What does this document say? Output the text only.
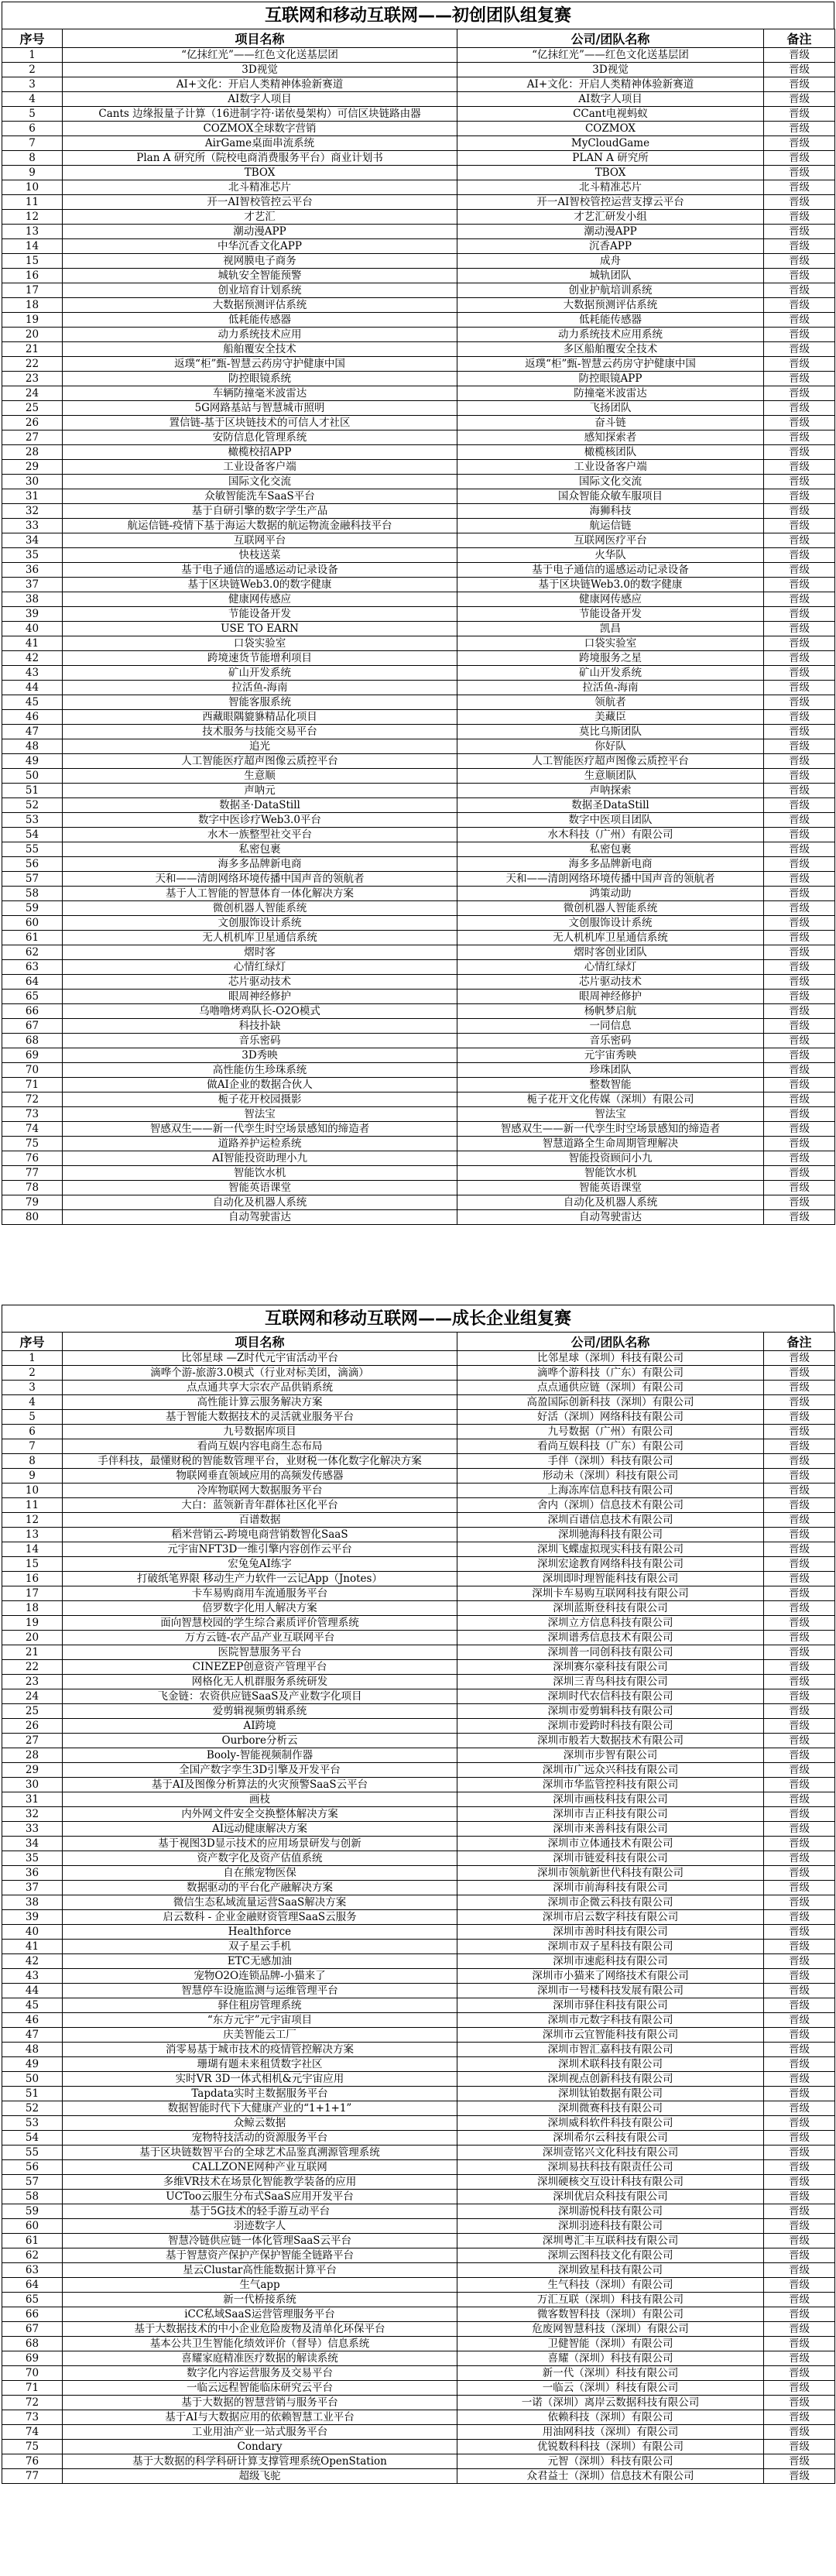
互联网和移动互联网——初创团队组复赛
序号	项目名称	公司/团队名称	备注
1	“亿抹红光”——红色文化送基层团	“亿抹红光”——红色文化送基层团	晋级
2	3D视觉	3D视觉	晋级
3	AI+文化：开启人类精神体验新赛道	AI+文化：开启人类精神体验新赛道	晋级
4	AI数字人项目	AI数字人项目	晋级
5	Cants 边缘报量子计算（16进制字符·诺依曼架构）可信区块链路由器	CCant电视蚂蚁	晋级
6	COZMOX全球数字营销	COZMOX	晋级
7	AirGame桌面串流系统	MyCloudGame	晋级
8	Plan A 研究所（院校电商消费服务平台）商业计划书	PLAN A 研究所	晋级
9	TBOX	TBOX	晋级
10	北斗精准芯片	北斗精准芯片	晋级
11	开一AI智校管控云平台	开一AI智校管控运营支撑云平台	晋级
12	才艺汇	才艺汇研发小组	晋级
13	潮动漫APP	潮动漫APP	晋级
14	中华沉香文化APP	沉香APP	晋级
15	视网膜电子商务	成舟	晋级
16	城轨安全智能预警	城轨团队	晋级
17	创业培育计划系统	创业护航培训系统	晋级
18	大数据预测评估系统	大数据预测评估系统	晋级
19	低耗能传感器	低耗能传感器	晋级
20	动力系统技术应用	动力系统技术应用系统	晋级
21	船舶覆安全技术	多区船舶覆安全技术	晋级
22	返璞“柜”甄-智慧云药房守护健康中国	返璞“柜”甄-智慧云药房守护健康中国	晋级
23	防控眼镜系统	防控眼镜APP	晋级
24	车辆防撞毫米波雷达	防撞毫米波雷达	晋级
25	5G网路基站与智慧城市照明	飞扬团队	晋级
26	置信链-基于区块链技术的可信人才社区	奋斗链	晋级
27	安防信息化管理系统	感知探索者	晋级
28	橄榄校招APP	橄榄核团队	晋级
29	工业设备客户端	工业设备客户端	晋级
30	国际文化交流	国际文化交流	晋级
31	众敏智能洗车SaaS平台	国众智能众敏车服项目	晋级
32	基于自研引擎的数字学生产品	海狮科技	晋级
33	航运信链-疫情下基于海运大数据的航运物流金融科技平台	航运信链	晋级
34	互联网平台	互联网医疗平台	晋级
35	快枝送菜	火华队	晋级
36	基于电子通信的遥感运动记录设备	基于电子通信的遥感运动记录设备	晋级
37	基于区块链Web3.0的数字健康	基于区块链Web3.0的数字健康	晋级
38	健康网传感应	健康网传感应	晋级
39	节能设备开发	节能设备开发	晋级
40	USE TO EARN	凯昌	晋级
41	口袋实验室	口袋实验室	晋级
42	跨境速货节能增利项目	跨境服务之星	晋级
43	矿山开发系统	矿山开发系统	晋级
44	拉活鱼-海南	拉活鱼-海南	晋级
45	智能客服系统	领航者	晋级
46	西藏眼隅貔貅精品化项目	美藏臣	晋级
47	技术服务与技能交易平台	莫比乌斯团队	晋级
48	追光	你好队	晋级
49	人工智能医疗超声图像云质控平台	人工智能医疗超声图像云质控平台	晋级
50	生意顺	生意顺团队	晋级
51	声呐元	声呐探索	晋级
52	数据圣·DataStill	数据圣DataStill	晋级
53	数字中医诊疗Web3.0平台	数字中医项目团队	晋级
54	水木一族整型社交平台	水木科技（广州）有限公司	晋级
55	私密包裹	私密包裹	晋级
56	海多多品牌新电商	海多多品牌新电商	晋级
57	天和——清朗网络环境传播中国声音的领航者	天和——清朗网络环境传播中国声音的领航者	晋级
58	基于人工智能的智慧体育一体化解决方案	鸿策动助	晋级
59	微创机器人智能系统	微创机器人智能系统	晋级
60	文创服饰设计系统	文创服饰设计系统	晋级
61	无人机机库卫星通信系统	无人机机库卫星通信系统	晋级
62	熠时客	熠时客创业团队	晋级
63	心情红绿灯	心情红绿灯	晋级
64	芯片驱动技术	芯片驱动技术	晋级
65	眼周神经修护	眼周神经修护	晋级
66	乌噜噜烤鸡队长-O2O模式	杨帆梦启航	晋级
67	科技扑缺	一同信息	晋级
68	音乐密码	音乐密码	晋级
69	3D秀映	元宇宙秀映	晋级
70	高性能仿生珍珠系统	珍珠团队	晋级
71	做AI企业的数据合伙人	整数智能	晋级
72	栀子花开校园摄影	栀子花开文化传媒（深圳）有限公司	晋级
73	智法宝	智法宝	晋级
74	智感双生——新一代孪生时空场景感知的缔造者	智感双生——新一代孪生时空场景感知的缔造者	晋级
75	道路养护运检系统	智慧道路全生命周期管理解决	晋级
76	AI智能投资助理小九	智能投资顾问小九	晋级
77	智能饮水机	智能饮水机	晋级
78	智能英语课堂	智能英语课堂	晋级
79	自动化及机器人系统	自动化及机器人系统	晋级
80	自动驾驶雷达	自动驾驶雷达	晋级
互联网和移动互联网——成长企业组复赛
序号	项目名称	公司/团队名称	备注
1	比邻星球 —Z时代元宇宙活动平台	比邻星球（深圳）科技有限公司	晋级
2	滴哗个游-旅游3.0模式（行业对标美团，滴滴）	滴哗个游科技（广东）有限公司	晋级
3	点点通共享大宗农产品供销系统	点点通供应链（深圳）有限公司	晋级
4	高性能计算云服务解决方案	高盈国际创新科技（深圳）有限公司	晋级
5	基于智能大数据技术的灵活就业服务平台	好活（深圳）网络科技有限公司	晋级
6	九号数据库项目	九号数据（广州）有限公司	晋级
7	看尚互娱内容电商生态布局	看尚互娱科技（广东）有限公司	晋级
8	手伴科技，最懂财税的智能数管理平台，业财税一体化数字化解决方案	手伴（深圳）科技有限公司	晋级
9	物联网垂直领域应用的高频发传感器	形动未（深圳）科技有限公司	晋级
10	冷库物联网大数据服务平台	上海冻库信息科技有限公司	晋级
11	大白：蓝领新青年群体社区化平台	舍内（深圳）信息技术有限公司	晋级
12	百谱数据	深圳百谱信息技术有限公司	晋级
13	稻米营销云-跨境电商营销数智化SaaS	深圳驰海科技有限公司	晋级
14	元宇宙NFT3D一维引擎内容创作云平台	深圳飞蝶虚拟现实科技有限公司	晋级
15	宏兔兔AI练字	深圳宏途教育网络科技有限公司	晋级
16	打破纸笔界限 移动生产力软件一云记App（Jnotes）	深圳即时理智能科技有限公司	晋级
17	卡车易购商用车流通服务平台	深圳卡车易购互联网科技有限公司	晋级
18	倍罗数字化用人解决方案	深圳蓝斯登科技有限公司	晋级
19	面向智慧校园的学生综合素质评价管理系统	深圳立方信息科技有限公司	晋级
20	万方云链-农产品产业互联网平台	深圳谱秀信息技术有限公司	晋级
21	医院智慧服务平台	深圳普一同创科技有限公司	晋级
22	CINEZEP创意资产管理平台	深圳赛尔豪科技有限公司	晋级
23	网格化无人机群服务系统研发	深圳三青鸟科技有限公司	晋级
24	飞金链：农资供应链SaaS及产业数字化项目	深圳时代农信科技有限公司	晋级
25	爱剪辑视频剪辑系统	深圳市爱剪辑科技有限公司	晋级
26	AI跨境	深圳市爱跨时科技有限公司	晋级
27	Ourbore分析云	深圳市般若大数据技术有限公司	晋级
28	Booly-智能视频制作器	深圳市步智有限公司	晋级
29	全国产数字孪生3D引擎及开发平台	深圳市广远众兴科技有限公司	晋级
30	基于AI及图像分析算法的火灾预警SaaS云平台	深圳市华监管控科技有限公司	晋级
31	画枝	深圳市画枝科技有限公司	晋级
32	内外网文件安全交换整体解决方案	深圳市吉正科技有限公司	晋级
33	AI远动健康解决方案	深圳市来善科技有限公司	晋级
34	基于视图3D显示技术的应用场景研发与创新	深圳市立体通技术有限公司	晋级
35	资产数字化及资产估值系统	深圳市链爱科技有限公司	晋级
36	自在熊宠物医保	深圳市领航新世代科技有限公司	晋级
37	数据驱动的平台化产融解决方案	深圳市前海科技有限公司	晋级
38	微信生态私域流量运营SaaS解决方案	深圳市企微云科技有限公司	晋级
39	启云数科 - 企业金融财资管理SaaS云服务	深圳市启云数字科技有限公司	晋级
40	Healthforce	深圳市善时科技有限公司	晋级
41	双子星云手机	深圳市双子星科技有限公司	晋级
42	ETC无感加油	深圳市速彪科技有限公司	晋级
43	宠物O2O连锁品牌-小猫来了	深圳市小猫来了网络技术有限公司	晋级
44	智慧停车设施监测与运维管理平台	深圳市一号楼科技发展有限公司	晋级
45	驿住租房管理系统	深圳市驿住科技有限公司	晋级
46	“东方元宇”元宇宙项目	深圳市元数字科技有限公司	晋级
47	庆美智能云工厂	深圳市云宜智能科技有限公司	晋级
48	消零易基于城市技术的疫情管控解决方案	深圳市智汇嘉科技有限公司	晋级
49	珊瑚有题未来租赁数字社区	深圳术联科技有限公司	晋级
50	实时VR 3D一体式相机&元宇宙应用	深圳视点创新科技有限公司	晋级
51	Tapdata实时主数据服务平台	深圳钛铂数据有限公司	晋级
52	数据智能时代下大健康产业的“1+1+1”	深圳微赛科技有限公司	晋级
53	众鲸云数据	深圳威科软件科技有限公司	晋级
54	宠物特技活动的资源服务平台	深圳希尔云科技有限公司	晋级
55	基于区块链数智平台的全球艺术品鉴真溯源管理系统	深圳壹铭兴文化科技有限公司	晋级
56	CALLZONE网种产业互联网	深圳易扶科技有限责任公司	晋级
57	多维VR技术在场景化智能教学装备的应用	深圳硬核交互设计科技有限公司	晋级
58	UCToo云服生分布式SaaS应用开发平台	深圳优启众科技有限公司	晋级
59	基于5G技术的轻手游互动平台	深圳游悦科技有限公司	晋级
60	羽迹数字人	深圳羽迹科技有限公司	晋级
61	智慧冷链供应链一体化管理SaaS云平台	深圳粤汇丰互联科技有限公司	晋级
62	基于智慧资产保护产保护智能全链路平台	深圳云图科技文化有限公司	晋级
63	星云Clustar高性能数据计算平台	深圳致星科技有限公司	晋级
64	生气app	生气科技（深圳）有限公司	晋级
65	新一代桥接系统	万汇互联（深圳）科技有限公司	晋级
66	iCC私域SaaS运营管理服务平台	微客数智科技（深圳）有限公司	晋级
67	基于大数据技术的中小企业危险废物及清单化环保平台	危废网智慧科技（深圳）有限公司	晋级
68	基本公共卫生智能化绩效评价（督导）信息系统	卫健智能（深圳）有限公司	晋级
69	喜耀家庭精准医疗数据的解读系统	喜耀（深圳）科技有限公司	晋级
70	数字化内容运营服务及交易平台	新一代（深圳）科技有限公司	晋级
71	一临云远程智能临床研究云平台	一临云（深圳）科技有限公司	晋级
72	基于大数据的智慧营销与服务平台	一诺（深圳）离岸云数据科技有限公司	晋级
73	基于AI与大数据应用的依赖智慧工业平台	依赖科技（深圳）有限公司	晋级
74	工业用油产业一站式服务平台	用油网科技（深圳）有限公司	晋级
75	Condary	优锐数科科技（深圳）有限公司	晋级
76	基于大数据的科学科研计算支撑管理系统OpenStation	元智（深圳）科技有限公司	晋级
77	超级飞驼	众君益士（深圳）信息技术有限公司	晋级
